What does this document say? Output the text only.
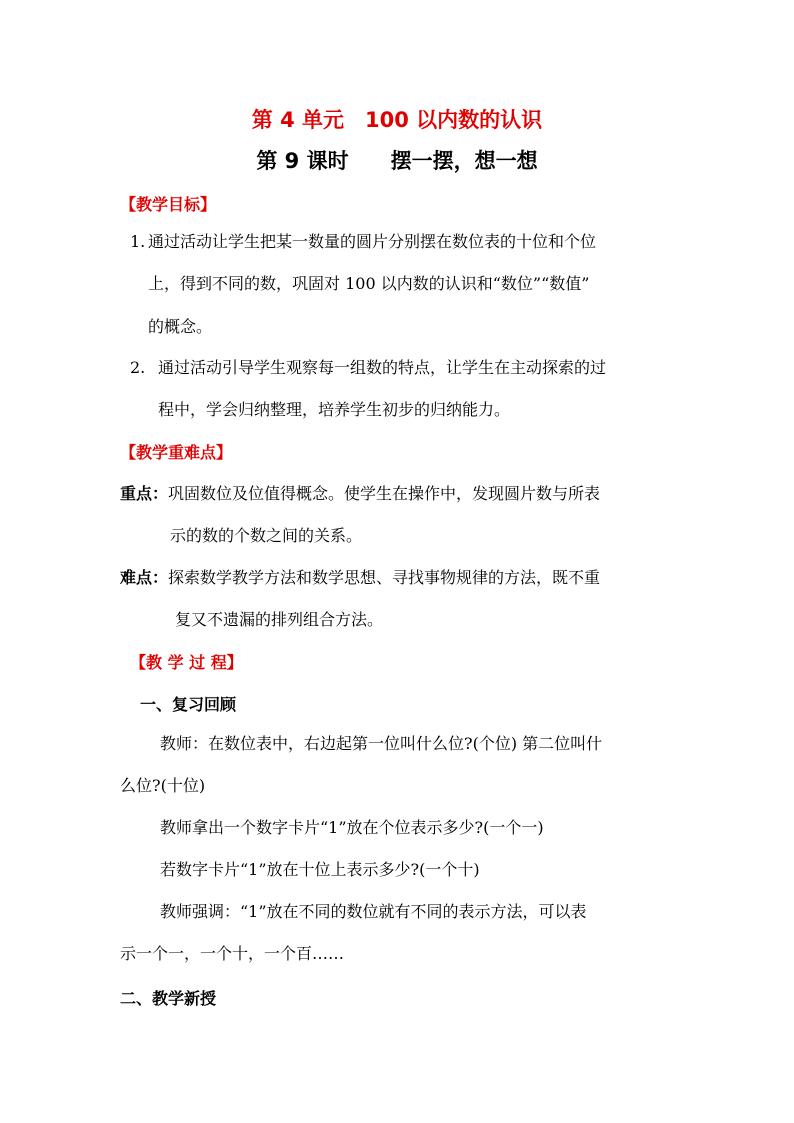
第 4 单元　100 以内数的认识
第 9 课时　　摆一摆，想一想
【教学目标】
1. 通过活动让学生把某一数量的圆片分别摆在数位表的十位和个位
上，得到不同的数，巩固对 100 以内数的认识和“数位”“数值”
的概念。
2. 通过活动引导学生观察每一组数的特点，让学生在主动探索的过
程中，学会归纳整理，培养学生初步的归纳能力。
【教学重难点】
重点：巩固数位及位值得概念。使学生在操作中，发现圆片数与所表
示的数的个数之间的关系。
难点：探索数学教学方法和数学思想、寻找事物规律的方法，既不重
复又不遗漏的排列组合方法。
【教 学 过 程】
一、复习回顾
教师：在数位表中，右边起第一位叫什么位?(个位) 第二位叫什
么位?(十位)
教师拿出一个数字卡片“1”放在个位表示多少?(一个一)
若数字卡片“1”放在十位上表示多少?(一个十)
教师强调：“1”放在不同的数位就有不同的表示方法，可以表
示一个一，一个十，一个百……
二、教学新授
